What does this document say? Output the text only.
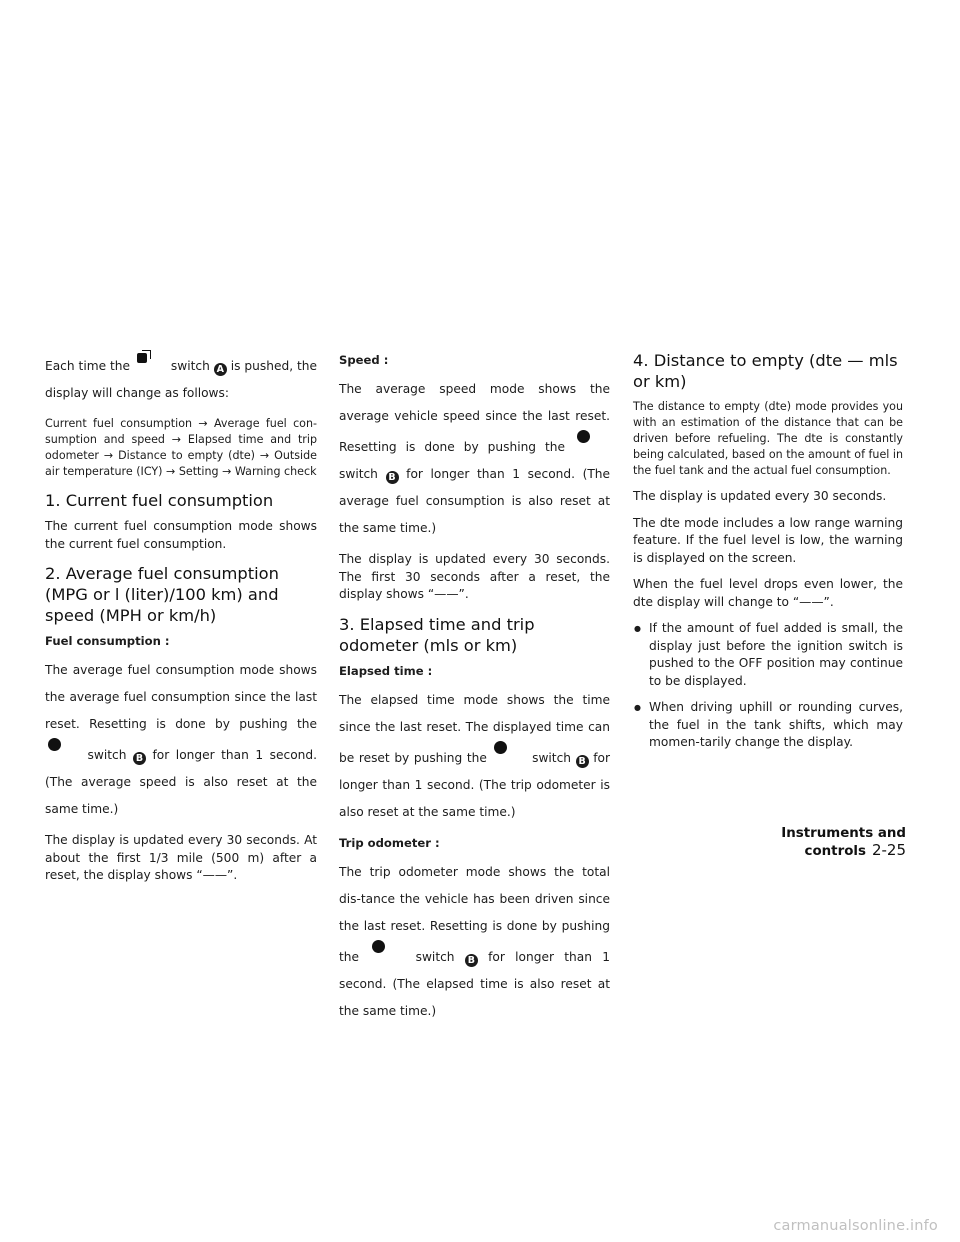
Each time the	switch A is pushed, the display will change as follows:

Current fuel consumption → Average fuel con-sumption and speed → Elapsed time and trip odometer → Distance to empty (dte) → Outside air temperature (ICY) → Setting → Warning check

1. Current fuel consumption

The current fuel consumption mode shows the current fuel consumption.

2. Average fuel consumption (MPG or l (liter)/100 km) and speed (MPH or km/h)
Fuel consumption :

The average fuel consumption mode shows the average fuel consumption since the last reset. Resetting is done by pushing the  switch B for longer than 1 second. (The average speed is also reset at the same time.)

The display is updated every 30 seconds. At about the first 1/3 mile (500 m) after a reset, the display shows “——”.

Speed :

The average speed mode shows the average vehicle speed since the last reset. Resetting is done by pushing the  switch B for longer than 1 second. (The average fuel consumption is also reset at the same time.)

The display is updated every 30 seconds. The first 30 seconds after a reset, the display shows “——”.

3. Elapsed time and trip odometer (mls or km)
Elapsed time :

The elapsed time mode shows the time since the last reset. The displayed time can be reset by pushing the	switch B for longer than 1 second. (The trip odometer is also reset at the same time.)

Trip odometer :

The trip odometer mode shows the total dis-tance the vehicle has been driven since the last reset. Resetting is done by pushing the	switch B for longer than 1 second. (The elapsed time is also reset at the same time.)

4. Distance to empty (dte — mls or km)

The distance to empty (dte) mode provides you with an estimation of the distance that can be driven before refueling. The dte is constantly being calculated, based on the amount of fuel in the fuel tank and the actual fuel consumption.

The display is updated every 30 seconds.

The dte mode includes a low range warning feature. If the fuel level is low, the warning is displayed on the screen.

When the fuel level drops even lower, the dte display will change to “——”.

● If the amount of fuel added is small, the display just before the ignition switch is pushed to the OFF position may continue to be displayed.
● When driving uphill or rounding curves, the fuel in the tank shifts, which may momen-tarily change the display.
Instruments and controls 2-25
carmanualsonline.info
